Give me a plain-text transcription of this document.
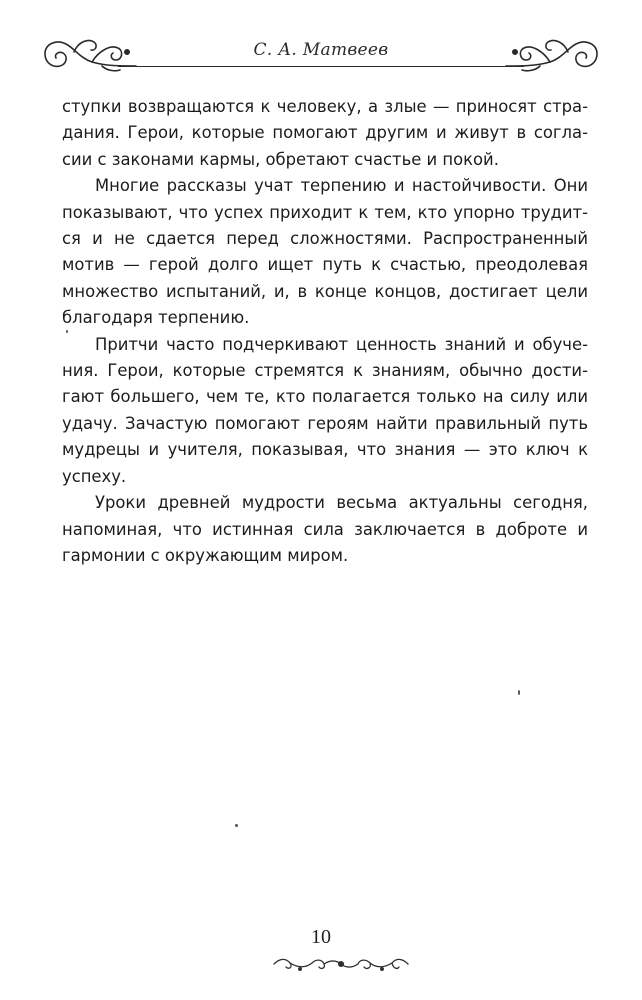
С. А. Матвеев

ступки возвращаются к человеку, а злые — приносят страдания. Герои, которые помогают другим и живут в согласии с законами кармы, обретают счастье и покой.

Многие рассказы учат терпению и настойчивости. Они показывают, что успех приходит к тем, кто упорно трудится и не сдается перед сложностями. Распространенный мотив — герой долго ищет путь к счастью, преодолевая множество испытаний, и, в конце концов, достигает цели благодаря терпению.

Притчи часто подчеркивают ценность знаний и обучения. Герои, которые стремятся к знаниям, обычно достигают большего, чем те, кто полагается только на силу или удачу. Зачастую помогают героям найти правильный путь мудрецы и учителя, показывая, что знания — это ключ к успеху.

Уроки древней мудрости весьма актуальны сегодня, напоминая, что истинная сила заключается в доброте и гармонии с окружающим миром.

10
